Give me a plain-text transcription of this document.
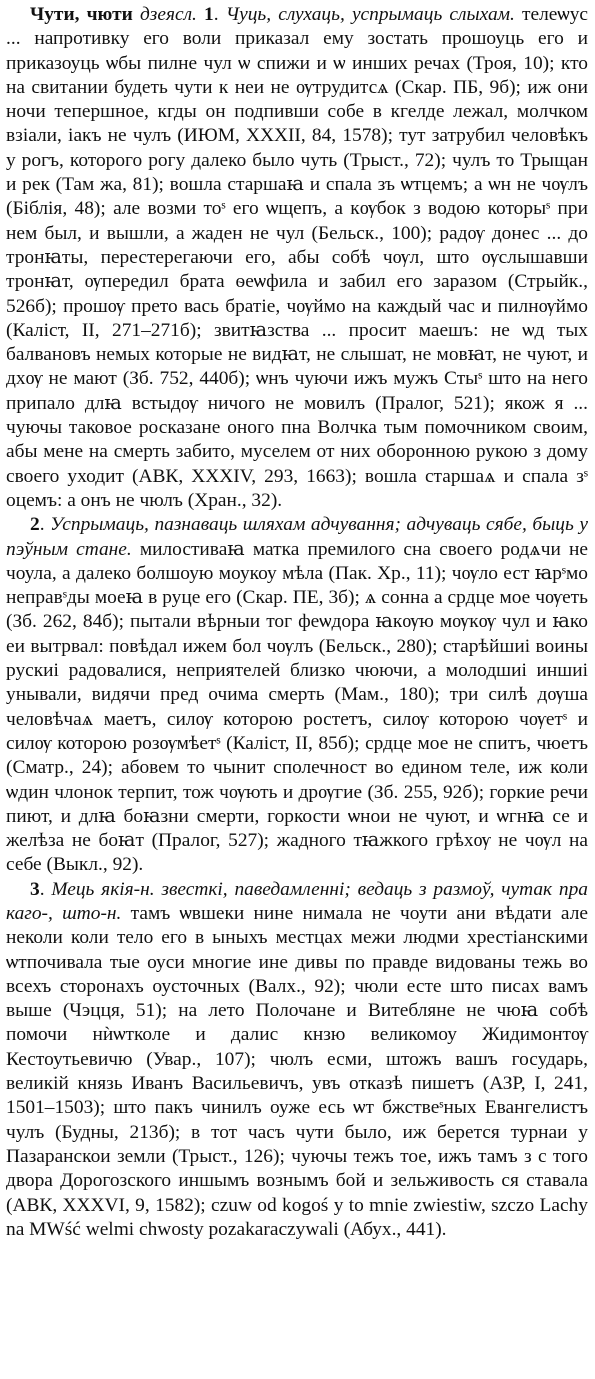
Чути, чюти дзеясл. 1. Чуць, слухаць, успрымаць слыхам. телеѡус ... напротивку его воли приказал ему зостать прошоуць его и приказоуць ѡбы пилне чул ѡ спижи и ѡ инших речах (Троя, 10); кто на свитании будеть чути к неи не ѹтрудитсѧ (Скар. ПБ, 9б); иж они ночи тепершное, кгды он подпивши собе в кгелде лежал, молчком взіали, іакъ не чулъ (ИЮМ, XXXII, 84, 1578); тут затрубил человѣкъ у рогъ, которого рогу далеко было чуть (Трыст., 72); чулъ то Трыщан и рек (Там жа, 81); вошла старшаꙗ и спала зъ ѡтцемъ; а ѡн не чѹлъ (Біблія, 48); але возми тоˢ его ѡщепъ, а кѹбок з водою которыˢ при нем был, и вышли, а жаден не чул (Бельск., 100); радѹ донес ... до тронꙗты, перестерегаючи его, абы собѣ чѹл, што ѹслышавши тронꙗт, ѹпередил брата ѳеѡфила и забил его заразом (Стрыйк., 526б); прошѹ прето вась братіе, чѹймо на каждый час и пилнѹймо (Каліст, II, 271–271б); звитꙗзства ... просит маешъ: не ѡд тых балвановъ немых которые не видꙗт, не слышат, не мовꙗт, не чуют, и дхѹ не мают (Зб. 752, 440б); ѡнъ чуючи ижъ мужъ Стыˢ што на него припало длꙗ встыдѹ ничого не мовилъ (Пралог, 521); якож я ... чуючы таковое росказане оного пна Волчка тым помочником своим, абы мене на смерть забито, муселем от них оборонною рукою з дому своего уходит (АВК, XXXIV, 293, 1663); вошла старшаѧ и спала зˢ оцемъ: а онъ не чюлъ (Хран., 32).

2. Успрымаць, пазнаваць шляхам адчування; адчуваць сябе, быць у пэўным стане. милостиваꙗ матка премилого сна своего родѧчи не чоула, а далеко болшоую моукоу мѣла (Пак. Хр., 11); чѹло ест ꙗрˢмо неправˢды моеꙗ в руце его (Скар. ПЕ, 3б); ѧ сонна а срдце мое чѹеть (Зб. 262, 84б); пытали вѣрныи тог феѡдора ꙗкѹю мѹкѹ чул и ꙗко еи вытрвал: повѣдал ижем бол чѹлъ (Бельск., 280); старѣйшиі воины рускиі радовалися, неприятелей близко чюючи, а молодшиі иншиі унывали, видячи пред очима смерть (Мам., 180); три силѣ дѹша человѣчаѧ маетъ, силѹ которою ростетъ, силѹ которою чѹетˢ и силѹ которою розѹмѣетˢ (Каліст, II, 85б); срдце мое не спитъ, чюетъ (Сматр., 24); абовем то чынит сполечност во едином теле, иж коли ѡдин члонок терпит, тож чѹють и дрѹгие (Зб. 255, 92б); горкие речи пиют, и длꙗ боꙗзни смерти, горкости ѡнои не чуют, и ѡгнꙗ се и желѣза не боꙗт (Пралог, 527); жадного тꙗжкого грѣхѹ не чѹл на себе (Выкл., 92).

3. Мець якія-н. звесткі, паведамленні; ведаць з размоў, чутак пра каго-, што-н. тамъ ѡвшеки нине нимала не чоути ани вѣдати але неколи коли тело его в ыныхъ местцах межи людми хрестіанскими ѡтпочивала тые оуси многие ине дивы по правде видованы тежь во всехъ сторонахъ оусточных (Валх., 92); чюли есте што писах вамъ выше (Чэцця, 51); на лето Полочане и Витебляне не чюꙗ собѣ помочи нѝѡтколе и далис кнзю великомоу Жидимонтѹ Кестоутьевичю (Увар., 107); чюлъ есми, штожъ вашъ государь, великій князь Иванъ Васильевичъ, увъ отказѣ пишетъ (АЗР, I, 241, 1501–1503); што пакъ чинилъ оуже есь ѡт бжствеˢных Евангелистъ чулъ (Будны, 213б); в тот часъ чути было, иж берется турнаи у Пазаранскои земли (Трыст., 126); чуючы тежъ тое, ижъ тамъ з с того двора Дорогозского иншымъ вознымъ бой и зельживость ся ставала (АВК, XXXVI, 9, 1582); czuw od kogoś y to mnie zwiestiw, szczo Lachy na MWść welmi chwosty pozakaraczywali (Абух., 441).
